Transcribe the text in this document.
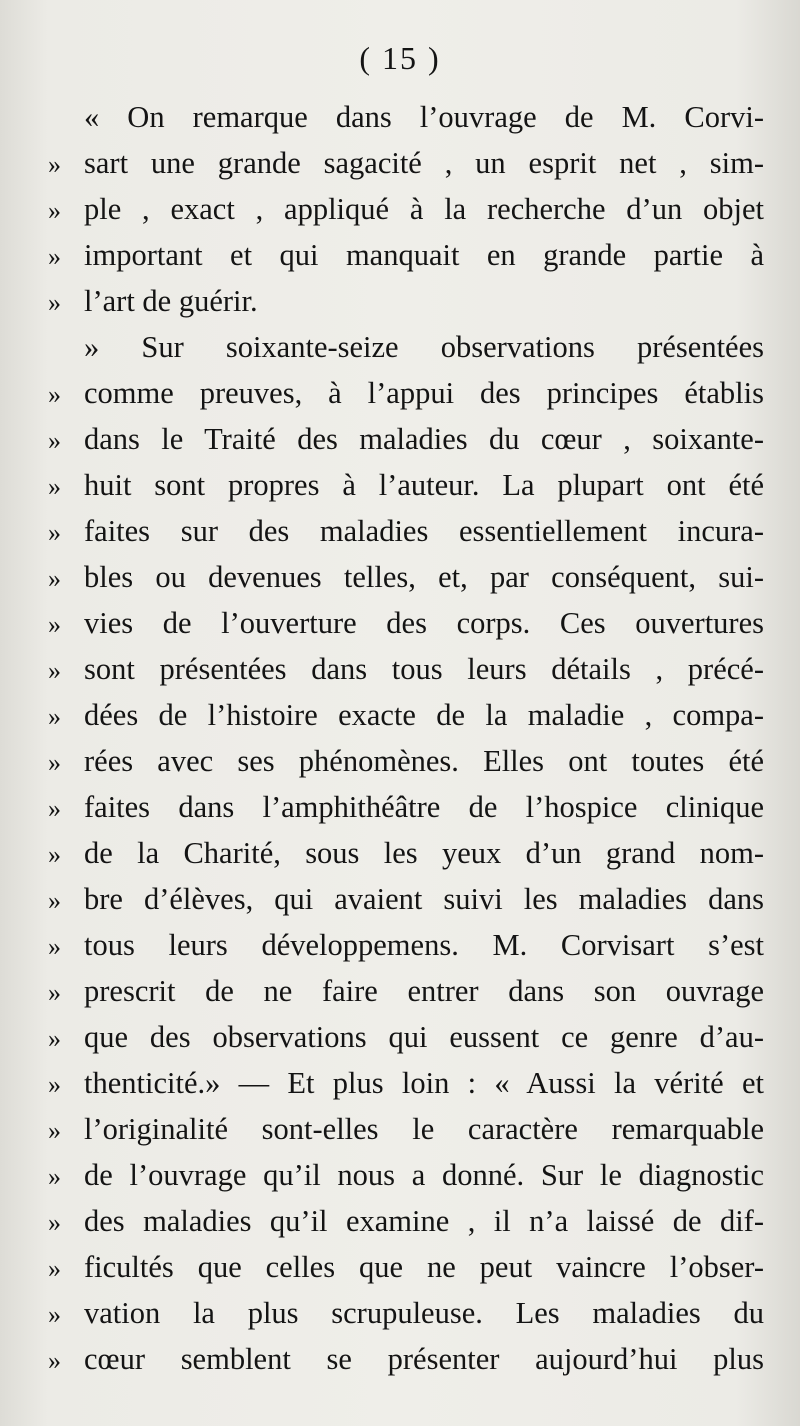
( 15 )
« On remarque dans l’ouvrage de M. Corvi-
» sart une grande sagacité , un esprit net , sim-
» ple , exact , appliqué à la recherche d’un objet
» important et qui manquait en grande partie à
» l’art de guérir.
» Sur soixante-seize observations présentées
» comme preuves, à l’appui des principes établis
» dans le Traité des maladies du cœur , soixante-
» huit sont propres à l’auteur. La plupart ont été
» faites sur des maladies essentiellement incura-
» bles ou devenues telles, et, par conséquent, sui-
» vies de l’ouverture des corps. Ces ouvertures
» sont présentées dans tous leurs détails , précé-
» dées de l’histoire exacte de la maladie , compa-
» rées avec ses phénomènes. Elles ont toutes été
» faites dans l’amphithéâtre de l’hospice clinique
» de la Charité, sous les yeux d’un grand nom-
» bre d’élèves, qui avaient suivi les maladies dans
» tous leurs développemens. M. Corvisart s’est
» prescrit de ne faire entrer dans son ouvrage
» que des observations qui eussent ce genre d’au-
» thenticité.» — Et plus loin : « Aussi la vérité et
» l’originalité sont-elles le caractère remarquable
» de l’ouvrage qu’il nous a donné. Sur le diagnostic
» des maladies qu’il examine , il n’a laissé de dif-
» ficultés que celles que ne peut vaincre l’obser-
» vation la plus scrupuleuse. Les maladies du
» cœur semblent se présenter aujourd’hui plus
